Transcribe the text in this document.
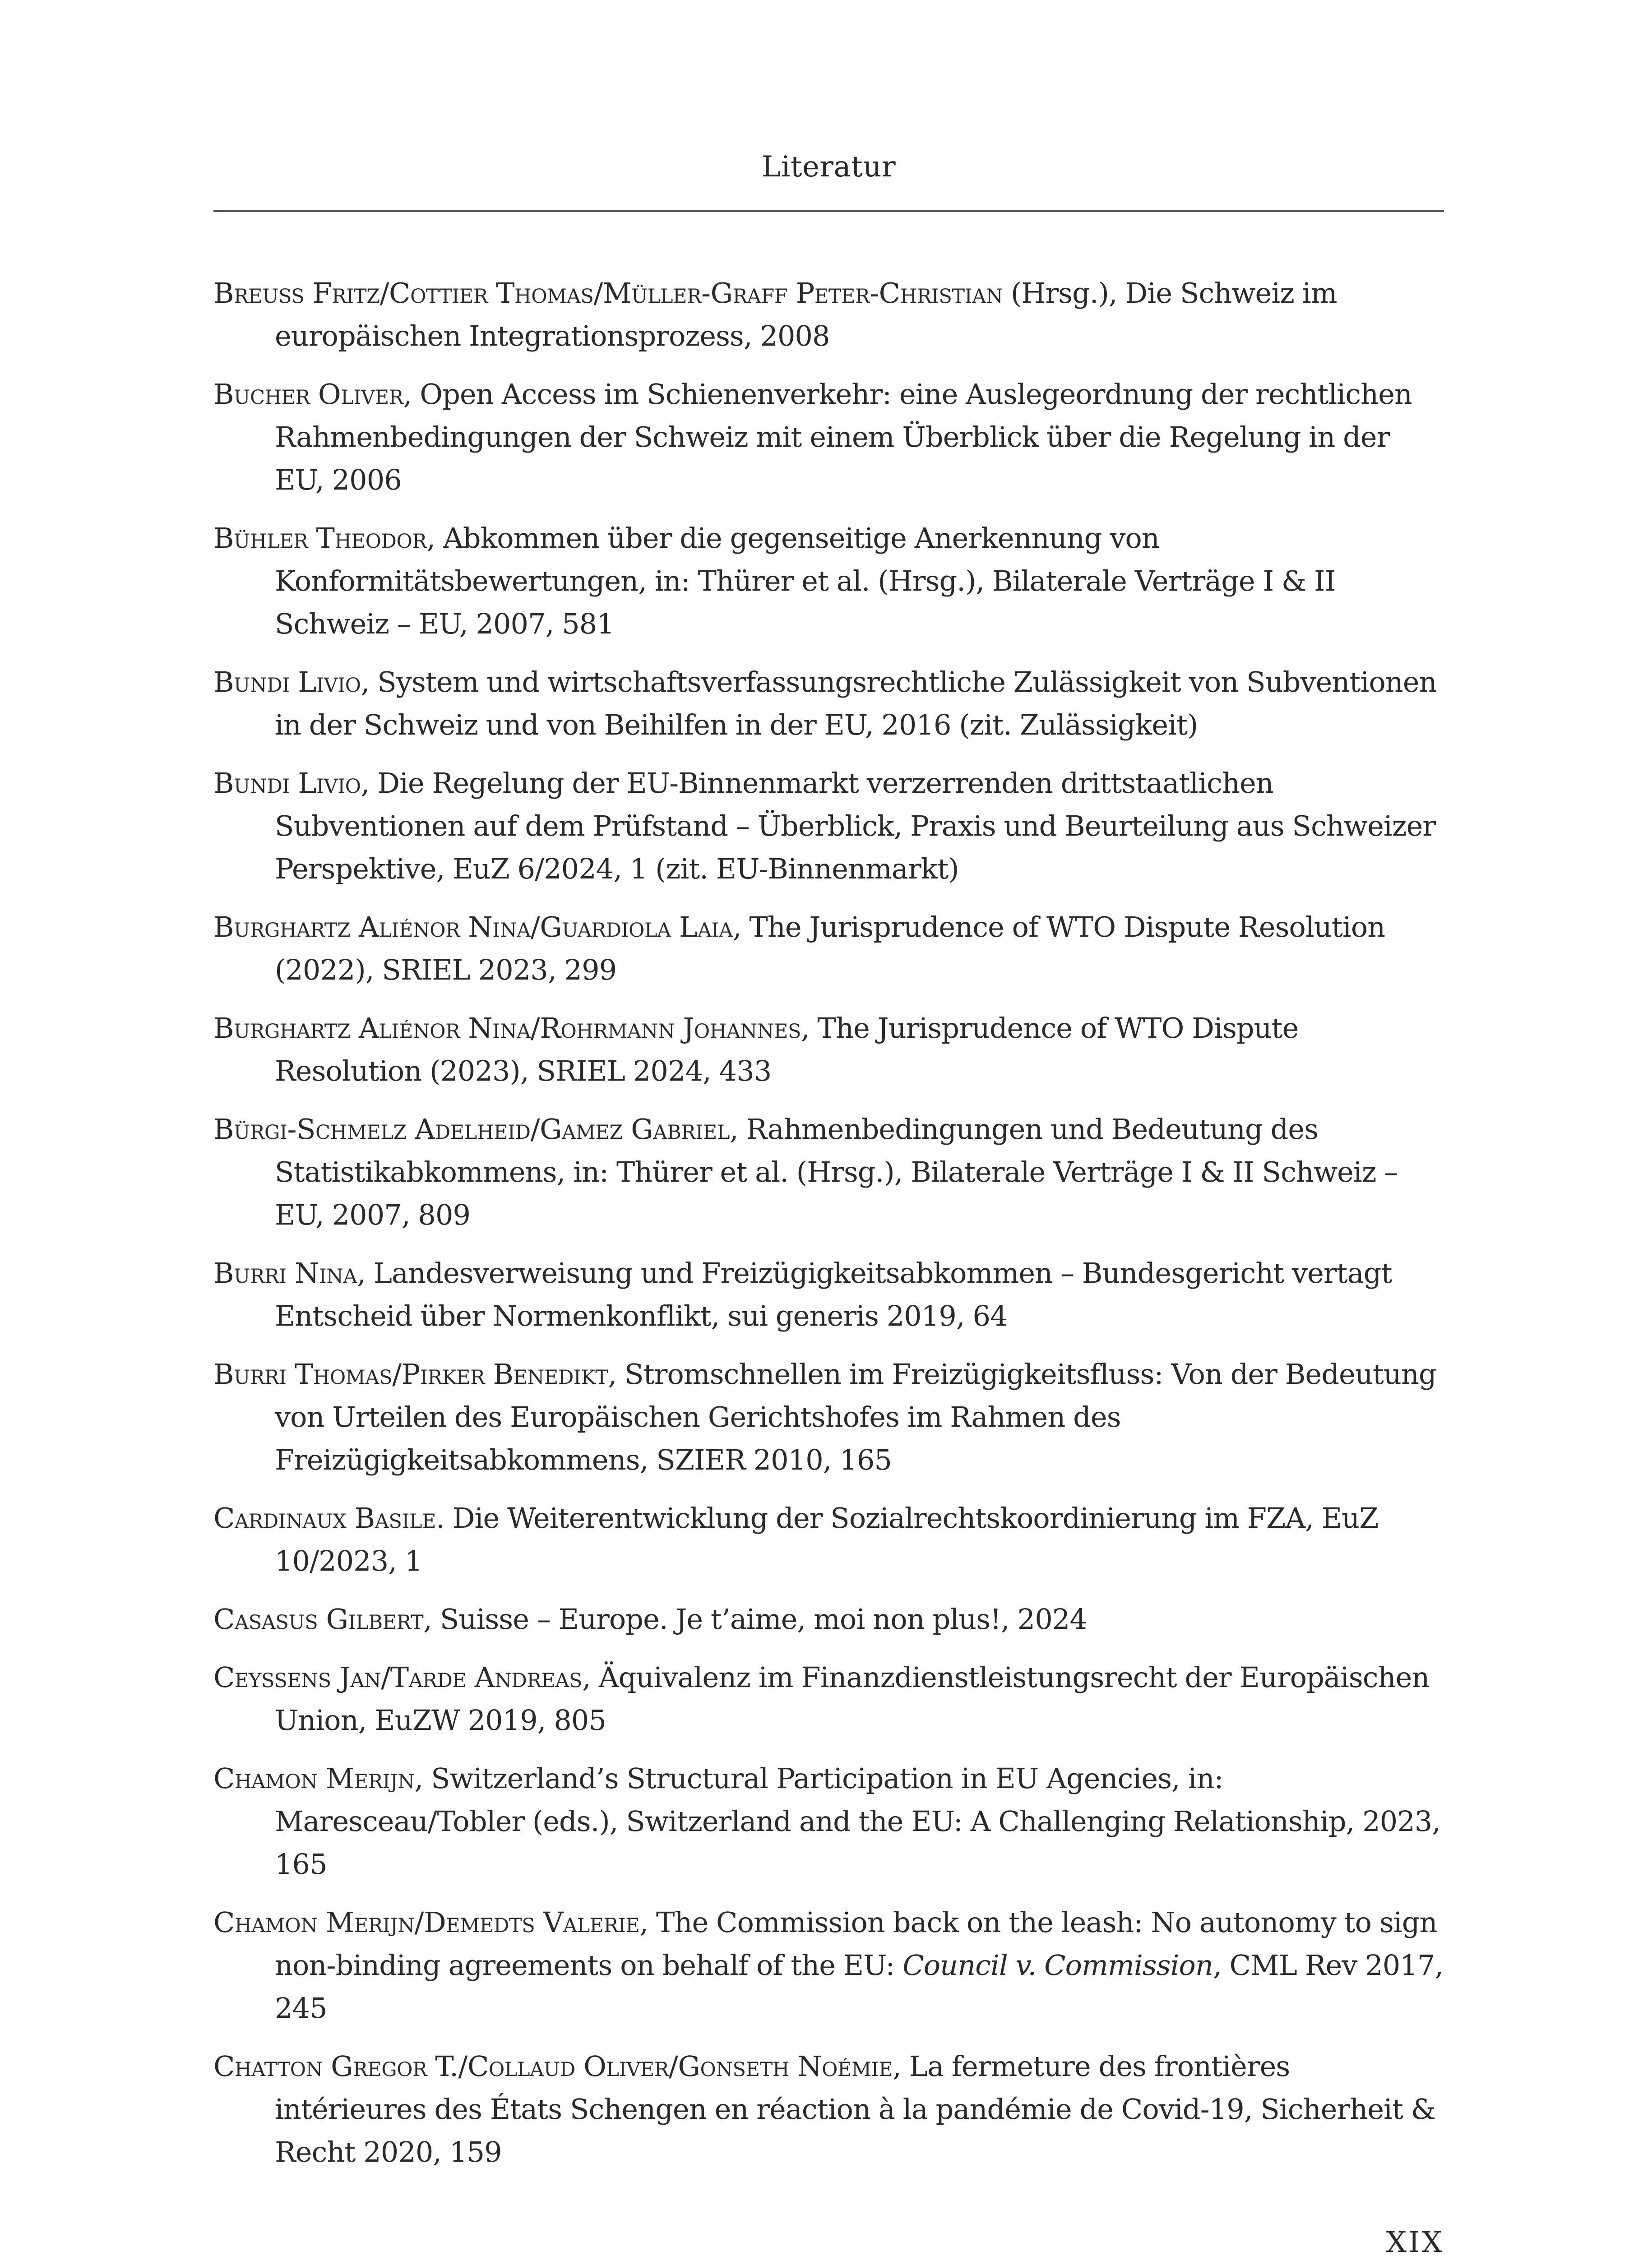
Literatur
Breuss Fritz/Cottier Thomas/Müller-Graff Peter-Christian (Hrsg.), Die Schweiz im europäischen Integrationsprozess, 2008
Bucher Oliver, Open Access im Schienenverkehr: eine Auslegeordnung der rechtlichen Rahmenbedingungen der Schweiz mit einem Überblick über die Regelung in der EU, 2006
Bühler Theodor, Abkommen über die gegenseitige Anerkennung von Konformitätsbewertungen, in: Thürer et al. (Hrsg.), Bilaterale Verträge I & II Schweiz – EU, 2007, 581
Bundi Livio, System und wirtschaftsverfassungsrechtliche Zulässigkeit von Subventionen in der Schweiz und von Beihilfen in der EU, 2016 (zit. Zulässigkeit)
Bundi Livio, Die Regelung der EU-Binnenmarkt verzerrenden drittstaatlichen Subventionen auf dem Prüfstand – Überblick, Praxis und Beurteilung aus Schweizer Perspektive, EuZ 6/2024, 1 (zit. EU-Binnenmarkt)
Burghartz Aliénor Nina/Guardiola Laia, The Jurisprudence of WTO Dispute Resolution (2022), SRIEL 2023, 299
Burghartz Aliénor Nina/Rohrmann Johannes, The Jurisprudence of WTO Dispute Resolution (2023), SRIEL 2024, 433
Bürgi-Schmelz Adelheid/Gamez Gabriel, Rahmenbedingungen und Bedeutung des Statistikabkommens, in: Thürer et al. (Hrsg.), Bilaterale Verträge I & II Schweiz – EU, 2007, 809
Burri Nina, Landesverweisung und Freizügigkeitsabkommen – Bundesgericht vertagt Entscheid über Normenkonflikt, sui generis 2019, 64
Burri Thomas/Pirker Benedikt, Stromschnellen im Freizügigkeitsfluss: Von der Bedeutung von Urteilen des Europäischen Gerichtshofes im Rahmen des Freizügigkeitsabkommens, SZIER 2010, 165
Cardinaux Basile. Die Weiterentwicklung der Sozialrechtskoordinierung im FZA, EuZ 10/2023, 1
Casasus Gilbert, Suisse – Europe. Je t’aime, moi non plus!, 2024
Ceyssens Jan/Tarde Andreas, Äquivalenz im Finanzdienstleistungsrecht der Europäischen Union, EuZW 2019, 805
Chamon Merijn, Switzerland’s Structural Participation in EU Agencies, in: Maresceau/Tobler (eds.), Switzerland and the EU: A Challenging Relationship, 2023, 165
Chamon Merijn/Demedts Valerie, The Commission back on the leash: No autonomy to sign non-binding agreements on behalf of the EU: Council v. Commission, CML Rev 2017, 245
Chatton Gregor T./Collaud Oliver/Gonseth Noémie, La fermeture des frontières intérieures des États Schengen en réaction à la pandémie de Covid-19, Sicherheit & Recht 2020, 159
XIX
